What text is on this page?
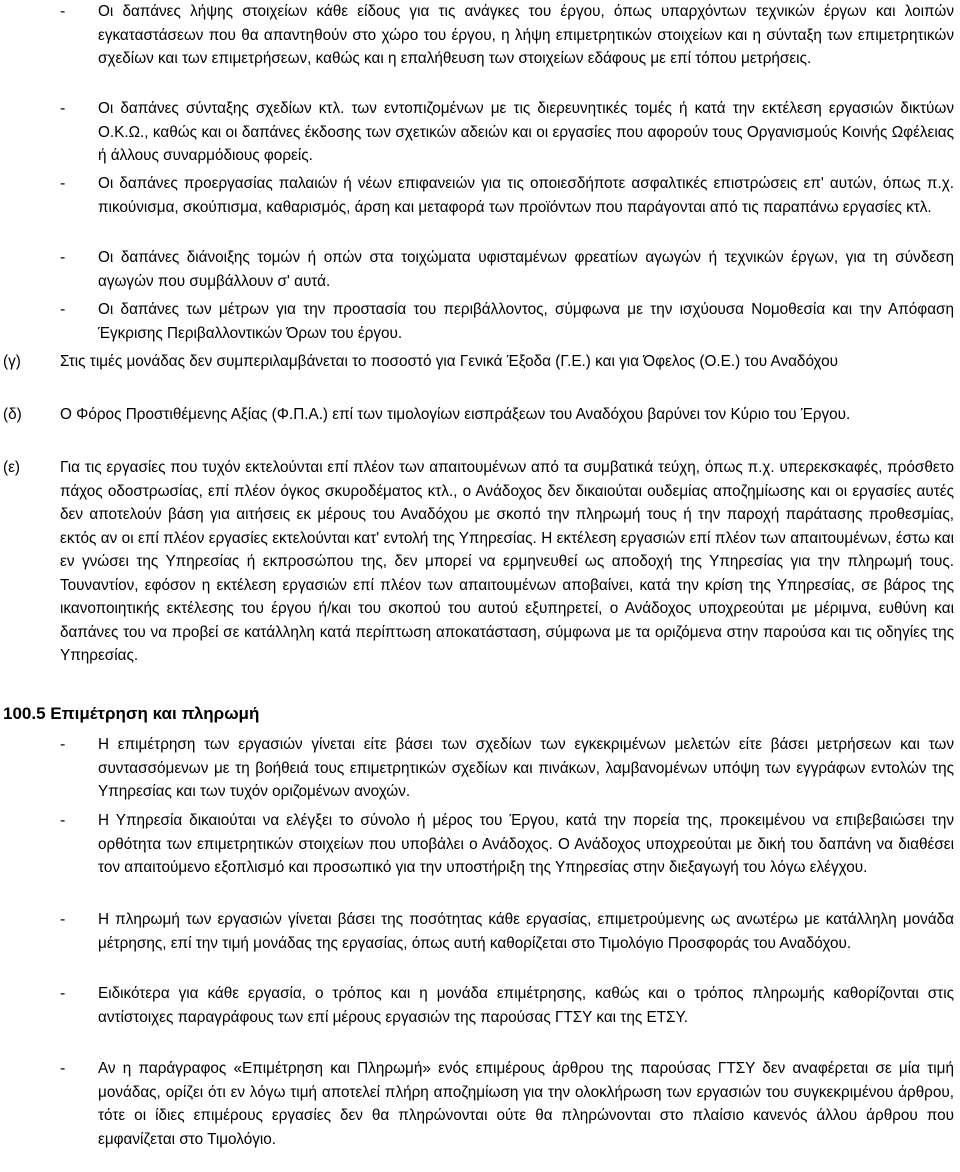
- Οι δαπάνες λήψης στοιχείων κάθε είδους για τις ανάγκες του έργου, όπως υπαρχόντων τεχνικών έργων και λοιπών εγκαταστάσεων που θα απαντηθούν στο χώρο του έργου, η λήψη επιμετρητικών στοιχείων και η σύνταξη των επιμετρητικών σχεδίων και των επιμετρήσεων, καθώς και η επαλήθευση των στοιχείων εδάφους με επί τόπου μετρήσεις.
- Οι δαπάνες σύνταξης σχεδίων κτλ. των εντοπιζομένων με τις διερευνητικές τομές ή κατά την εκτέλεση εργασιών δικτύων Ο.Κ.Ω., καθώς και οι δαπάνες έκδοσης των σχετικών αδειών και οι εργασίες που αφορούν τους Οργανισμούς Κοινής Ωφέλειας ή άλλους συναρμόδιους φορείς.
- Οι δαπάνες προεργασίας παλαιών ή νέων επιφανειών για τις οποιεσδήποτε ασφαλτικές επιστρώσεις επ' αυτών, όπως π.χ. πικούνισμα, σκούπισμα, καθαρισμός, άρση και μεταφορά των προϊόντων που παράγονται από τις παραπάνω εργασίες κτλ.
- Οι δαπάνες διάνοιξης τομών ή οπών στα τοιχώματα υφισταμένων φρεατίων αγωγών ή τεχνικών έργων, για τη σύνδεση αγωγών που συμβάλλουν σ' αυτά.
- Οι δαπάνες των μέτρων για την προστασία του περιβάλλοντος, σύμφωνα με την ισχύουσα Νομοθεσία και την Απόφαση Έγκρισης Περιβαλλοντικών Όρων του έργου.
(γ)	Στις τιμές μονάδας δεν συμπεριλαμβάνεται το ποσοστό για Γενικά Έξοδα (Γ.Ε.) και για Όφελος (Ο.Ε.) του Αναδόχου
(δ)	Ο Φόρος Προστιθέμενης Αξίας (Φ.Π.Α.) επί των τιμολογίων εισπράξεων του Αναδόχου βαρύνει τον Κύριο του Έργου.
(ε)	Για τις εργασίες που τυχόν εκτελούνται επί πλέον των απαιτουμένων από τα συμβατικά τεύχη, όπως π.χ. υπερεκσκαφές, πρόσθετο πάχος οδοστρωσίας, επί πλέον όγκος σκυροδέματος κτλ., ο Ανάδοχος δεν δικαιούται ουδεμίας αποζημίωσης και οι εργασίες αυτές δεν αποτελούν βάση για αιτήσεις εκ μέρους του Αναδόχου με σκοπό την πληρωμή τους ή την παροχή παράτασης προθεσμίας, εκτός αν οι επί πλέον εργασίες εκτελούνται κατ' εντολή της Υπηρεσίας. Η εκτέλεση εργασιών επί πλέον των απαιτουμένων, έστω και εν γνώσει της Υπηρεσίας ή εκπροσώπου της, δεν μπορεί να ερμηνευθεί ως αποδοχή της Υπηρεσίας για την πληρωμή τους. Τουναντίον, εφόσον η εκτέλεση εργασιών επί πλέον των απαιτουμένων αποβαίνει, κατά την κρίση της Υπηρεσίας, σε βάρος της ικανοποιητικής εκτέλεσης του έργου ή/και του σκοπού του αυτού εξυπηρετεί, ο Ανάδοχος υποχρεούται με μέριμνα, ευθύνη και δαπάνες του να προβεί σε κατάλληλη κατά περίπτωση αποκατάσταση, σύμφωνα με τα οριζόμενα στην παρούσα και τις οδηγίες της Υπηρεσίας.
100.5 Επιμέτρηση και πληρωμή
- Η επιμέτρηση των εργασιών γίνεται είτε βάσει των σχεδίων των εγκεκριμένων μελετών είτε βάσει μετρήσεων και των συντασσόμενων με τη βοήθειά τους επιμετρητικών σχεδίων και πινάκων, λαμβανομένων υπόψη των εγγράφων εντολών της Υπηρεσίας και των τυχόν οριζομένων ανοχών.
- Η Υπηρεσία δικαιούται να ελέγξει το σύνολο ή μέρος του Έργου, κατά την πορεία της, προκειμένου να επιβεβαιώσει την ορθότητα των επιμετρητικών στοιχείων που υποβάλει ο Ανάδοχος. Ο Ανάδοχος υποχρεούται με δική του δαπάνη να διαθέσει τον απαιτούμενο εξοπλισμό και προσωπικό για την υποστήριξη της Υπηρεσίας στην διεξαγωγή του λόγω ελέγχου.
- Η πληρωμή των εργασιών γίνεται βάσει της ποσότητας κάθε εργασίας, επιμετρούμενης ως ανωτέρω με κατάλληλη μονάδα μέτρησης, επί την τιμή μονάδας της εργασίας, όπως αυτή καθορίζεται στο Τιμολόγιο Προσφοράς του Αναδόχου.
- Ειδικότερα για κάθε εργασία, ο τρόπος και η μονάδα επιμέτρησης, καθώς και ο τρόπος πληρωμής καθορίζονται στις αντίστοιχες παραγράφους των επί μέρους εργασιών της παρούσας ΓΤΣΥ και της ΕΤΣΥ.
- Αν η παράγραφος «Επιμέτρηση και Πληρωμή» ενός επιμέρους άρθρου της παρούσας ΓΤΣΥ δεν αναφέρεται σε μία τιμή μονάδας, ορίζει ότι εν λόγω τιμή αποτελεί πλήρη αποζημίωση για την ολοκλήρωση των εργασιών του συγκεκριμένου άρθρου, τότε οι ίδιες επιμέρους εργασίες δεν θα πληρώνονται ούτε θα πληρώνονται στο πλαίσιο κανενός άλλου άρθρου που εμφανίζεται στο Τιμολόγιο.
